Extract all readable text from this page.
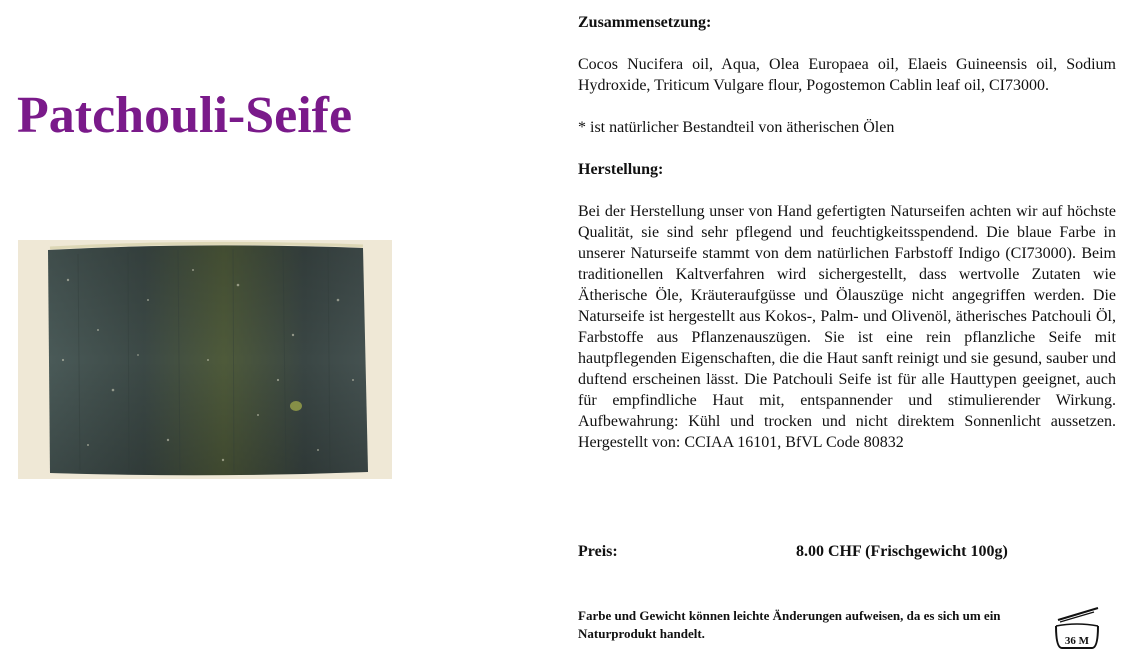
Patchouli-Seife

Zusammensetzung:

Cocos Nucifera oil, Aqua, Olea Europaea oil, Elaeis Guineensis oil, Sodium Hydroxide, Triticum Vulgare flour, Pogostemon Cablin leaf oil, CI73000.

* ist natürlicher Bestandteil von ätherischen Ölen

Herstellung:

Bei der Herstellung unser von Hand gefertigten Naturseifen achten wir auf höchste Qualität, sie sind sehr pflegend und feuchtigkeitsspendend. Die blaue Farbe in unserer Naturseife stammt von dem natürlichen Farbstoff Indigo (CI73000). Beim traditionellen Kaltverfahren wird sichergestellt, dass wertvolle Zutaten wie Ätherische Öle, Kräuteraufgüsse und Ölauszüge nicht angegriffen werden. Die Naturseife ist hergestellt aus Kokos-, Palm- und Olivenöl, ätherisches Patchouli Öl, Farbstoffe aus Pflanzenauszügen. Sie ist eine rein pflanzliche Seife mit hautpflegenden Eigenschaften, die die Haut sanft reinigt und sie gesund, sauber und duftend erscheinen lässt. Die Patchouli Seife ist für alle Hauttypen geeignet, auch für empfindliche Haut mit, entspannender und stimulierender Wirkung. Aufbewahrung: Kühl und trocken und nicht direktem Sonnenlicht aussetzen. Hergestellt von: CCIAA 16101, BfVL Code 80832

Preis:	8.00 CHF (Frischgewicht 100g)
Farbe und Gewicht können leichte Änderungen aufweisen, da es sich um ein Naturprodukt handelt.	36 M
